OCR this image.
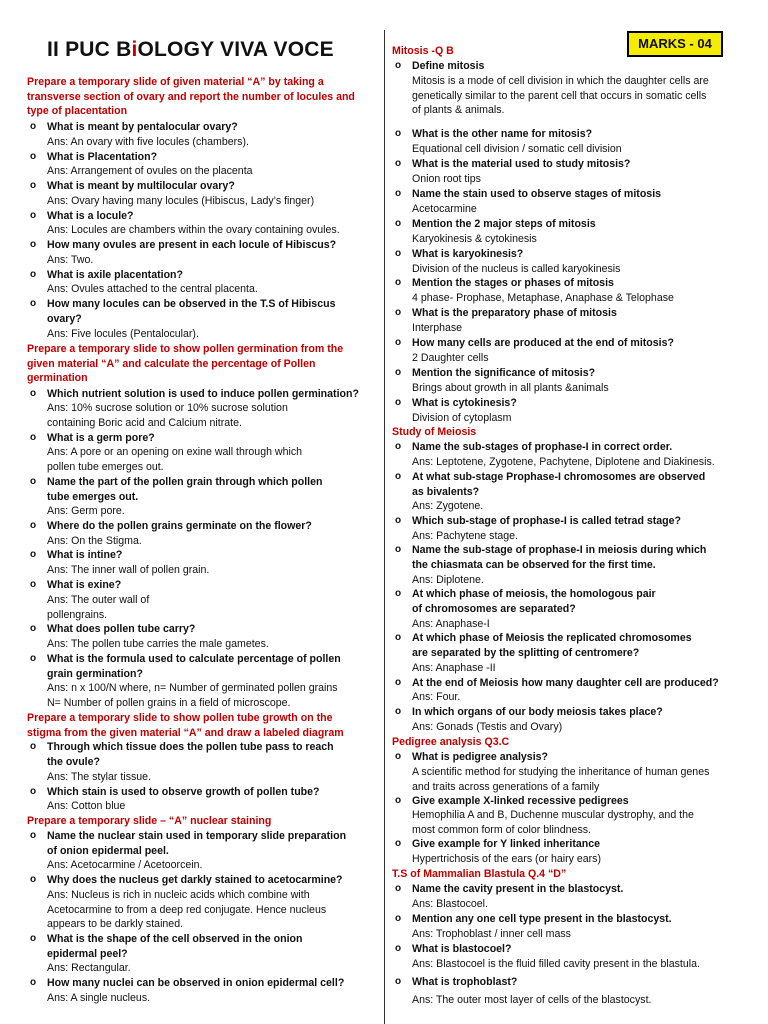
II PUC BiOLOGY VIVA VOCE	MARKS - 04
Prepare a temporary slide of given material “A” by taking a
transverse section of ovary and report the number of locules and
type of placentation
o	What is meant by pentalocular ovary?
Ans: An ovary with five locules (chambers).
o	What is Placentation?
Ans: Arrangement of ovules on the placenta
o	What is meant by multilocular ovary?
Ans: Ovary having many locules (Hibiscus, Lady’s finger)
o	What is a locule?
Ans: Locules are chambers within the ovary containing ovules.
o	How many ovules are present in each locule of Hibiscus?
Ans: Two.
o	What is axile placentation?
Ans: Ovules attached to the central placenta.
o	How many locules can be observed in the T.S of Hibiscus
ovary?
Ans: Five locules (Pentalocular).
Prepare a temporary slide to show pollen germination from the
given material “A” and calculate the percentage of Pollen
germination
o	Which nutrient solution is used to induce pollen germination?
Ans: 10% sucrose solution or 10% sucrose solution
containing Boric acid and Calcium nitrate.
o	What is a germ pore?
Ans: A pore or an opening on exine wall through which
pollen tube emerges out.
o	Name the part of the pollen grain through which pollen
tube emerges out.
Ans: Germ pore.
o	Where do the pollen grains germinate on the flower?
Ans: On the Stigma.
o	What is intine?
Ans: The inner wall of pollen grain.
o	What is exine?
Ans: The outer wall of
pollengrains.
o	What does pollen tube carry?
Ans: The pollen tube carries the male gametes.
o	What is the formula used to calculate percentage of pollen
grain germination?
Ans: n x 100/N where, n= Number of germinated pollen grains
N= Number of pollen grains in a field of microscope.
Prepare a temporary slide to show pollen tube growth on the
stigma from the given material “A” and draw a labeled diagram
o	Through which tissue does the pollen tube pass to reach
the ovule?
Ans: The stylar tissue.
o	Which stain is used to observe growth of pollen tube?
Ans: Cotton blue
Prepare a temporary slide – “A” nuclear staining
o	Name the nuclear stain used in temporary slide preparation
of onion epidermal peel.
Ans: Acetocarmine / Acetoorcein.
o	Why does the nucleus get darkly stained to acetocarmine?
Ans: Nucleus is rich in nucleic acids which combine with
Acetocarmine to from a deep red conjugate. Hence nucleus
appears to be darkly stained.
o	What is the shape of the cell observed in the onion
epidermal peel?
Ans: Rectangular.
o	How many nuclei can be observed in onion epidermal cell?
Ans: A single nucleus.
Mitosis -Q B
o	Define mitosis
Mitosis is a mode of cell division in which the daughter cells are
genetically similar to the parent cell that occurs in somatic cells
of plants & animals.
o	What is the other name for mitosis?
Equational cell division / somatic cell division
o	What is the material used to study mitosis?
Onion root tips
o	Name the stain used to observe stages of mitosis
Acetocarmine
o	Mention the 2 major steps of mitosis
Karyokinesis & cytokinesis
o	What is karyokinesis?
Division of the nucleus is called karyokinesis
o	Mention the stages or phases of mitosis
4 phase- Prophase, Metaphase, Anaphase & Telophase
o	What is the preparatory phase of mitosis
Interphase
o	How many cells are produced at the end of mitosis?
2 Daughter cells
o	Mention the significance of mitosis?
Brings about growth in all plants &animals
o	What is cytokinesis?
Division of cytoplasm
Study of Meiosis
o	Name the sub-stages of prophase-I in correct order.
Ans: Leptotene, Zygotene, Pachytene, Diplotene and Diakinesis.
o	At what sub-stage Prophase-I chromosomes are observed
as bivalents?
Ans: Zygotene.
o	Which sub-stage of prophase-I is called tetrad stage?
Ans: Pachytene stage.
o	Name the sub-stage of prophase-I in meiosis during which
the chiasmata can be observed for the first time.
Ans: Diplotene.
o	At which phase of meiosis, the homologous pair
of chromosomes are separated?
Ans: Anaphase-I
o	At which phase of Meiosis the replicated chromosomes
are separated by the splitting of centromere?
Ans: Anaphase -II
o	At the end of Meiosis how many daughter cell are produced?
Ans: Four.
o	In which organs of our body meiosis takes place?
Ans: Gonads (Testis and Ovary)
Pedigree analysis Q3.C
o	What is pedigree analysis?
A scientific method for studying the inheritance of human genes
and traits across generations of a family
o	Give example X-linked recessive pedigrees
Hemophilia A and B, Duchenne muscular dystrophy, and the
most common form of color blindness.
o	Give example for Y linked inheritance
Hypertrichosis of the ears (or hairy ears)
T.S of Mammalian Blastula Q.4 “D”
o	Name the cavity present in the blastocyst.
Ans: Blastocoel.
o	Mention any one cell type present in the blastocyst.
Ans: Trophoblast / inner cell mass
o	What is blastocoel?
Ans: Blastocoel is the fluid filled cavity present in the blastula.
o	What is trophoblast?
Ans: The outer most layer of cells of the blastocyst.
